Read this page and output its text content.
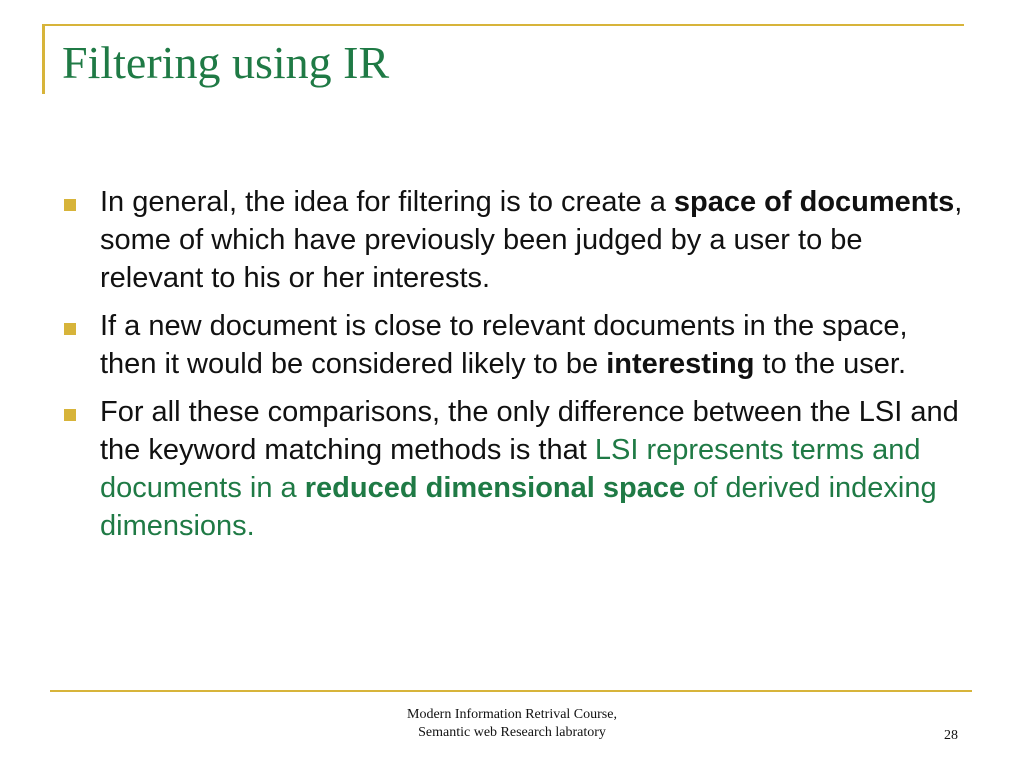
Filtering using IR
In general, the idea for filtering is to create a space of documents, some of which have previously been judged by a user to be relevant to his or her interests.
If a new document is close to relevant documents in the space, then it would be considered likely to be interesting to the user.
For all these comparisons, the only difference between the LSI and the keyword matching methods is that LSI represents terms and documents in a reduced dimensional space of derived indexing dimensions.
Modern Information Retrival Course,
Semantic web Research labratory	28
